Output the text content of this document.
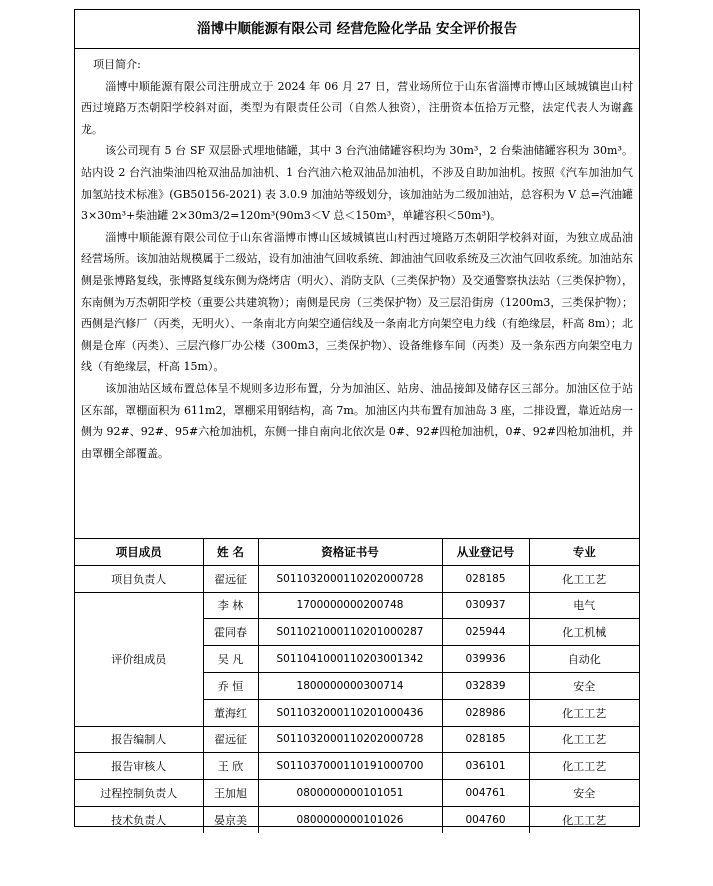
淄博中顺能源有限公司 经营危险化学品 安全评价报告

项目简介:

淄博中顺能源有限公司注册成立于 2024 年 06 月 27 日，营业场所位于山东省淄博市博山区域城镇岜山村西过境路万杰朝阳学校斜对面，类型为有限责任公司（自然人独资），注册资本伍拾万元整，法定代表人为谢鑫龙。

该公司现有 5 台 SF 双层卧式埋地储罐，其中 3 台汽油储罐容积均为 30m³，2 台柴油储罐容积为 30m³。站内设 2 台汽油柴油四枪双油品加油机、1 台汽油六枪双油品加油机，不涉及自助加油机。按照《汽车加油加气加氢站技术标准》(GB50156-2021) 表 3.0.9 加油站等级划分，该加油站为二级加油站，总容积为 V 总=汽油罐 3×30m³+柴油罐 2×30m3/2=120m³(90m3＜V 总＜150m³，单罐容积＜50m³)。

淄博中顺能源有限公司位于山东省淄博市博山区域城镇岜山村西过境路万杰朝阳学校斜对面，为独立成品油经营场所。该加油站规模属于二级站，设有加油油气回收系统、卸油油气回收系统及三次油气回收系统。加油站东侧是张博路复线，张博路复线东侧为烧烤店（明火）、消防支队（三类保护物）及交通警察执法站（三类保护物），东南侧为万杰朝阳学校（重要公共建筑物）；南侧是民房（三类保护物）及三层沿街房（1200m3，三类保护物）；西侧是汽修厂（丙类，无明火）、一条南北方向架空通信线及一条南北方向架空电力线（有绝缘层，杆高 8m）；北侧是仓库（丙类）、三层汽修厂办公楼（300m3，三类保护物）、设备维修车间（丙类）及一条东西方向架空电力线（有绝缘层，杆高 15m）。

该加油站区域布置总体呈不规则多边形布置，分为加油区、站房、油品接卸及储存区三部分。加油区位于站区东部，罩棚面积为 611m2，罩棚采用钢结构，高 7m。加油区内共布置有加油岛 3 座，二排设置，靠近站房一侧为 92#、92#、95#六枪加油机，东侧一排自南向北依次是 0#、92#四枪加油机，0#、92#四枪加油机，并由罩棚全部覆盖。

项目成员	姓 名	资格证书号	从业登记号	专业
项目负责人	翟远征	S011032000110202000728	028185	化工工艺
评价组成员	李 林	1700000000200748	030937	电气
	霍同春	S011021000110201000287	025944	化工机械
	吴 凡	S011041000110203001342	039936	自动化
	乔 恒	1800000000300714	032839	安全
	董海红	S011032000110201000436	028986	化工工艺
报告编制人	翟远征	S011032000110202000728	028185	化工工艺
报告审核人	王 欣	S011037000110191000700	036101	化工工艺
过程控制负责人	王加旭	0800000000101051	004761	安全
技术负责人	晏京美	0800000000101026	004760	化工工艺
